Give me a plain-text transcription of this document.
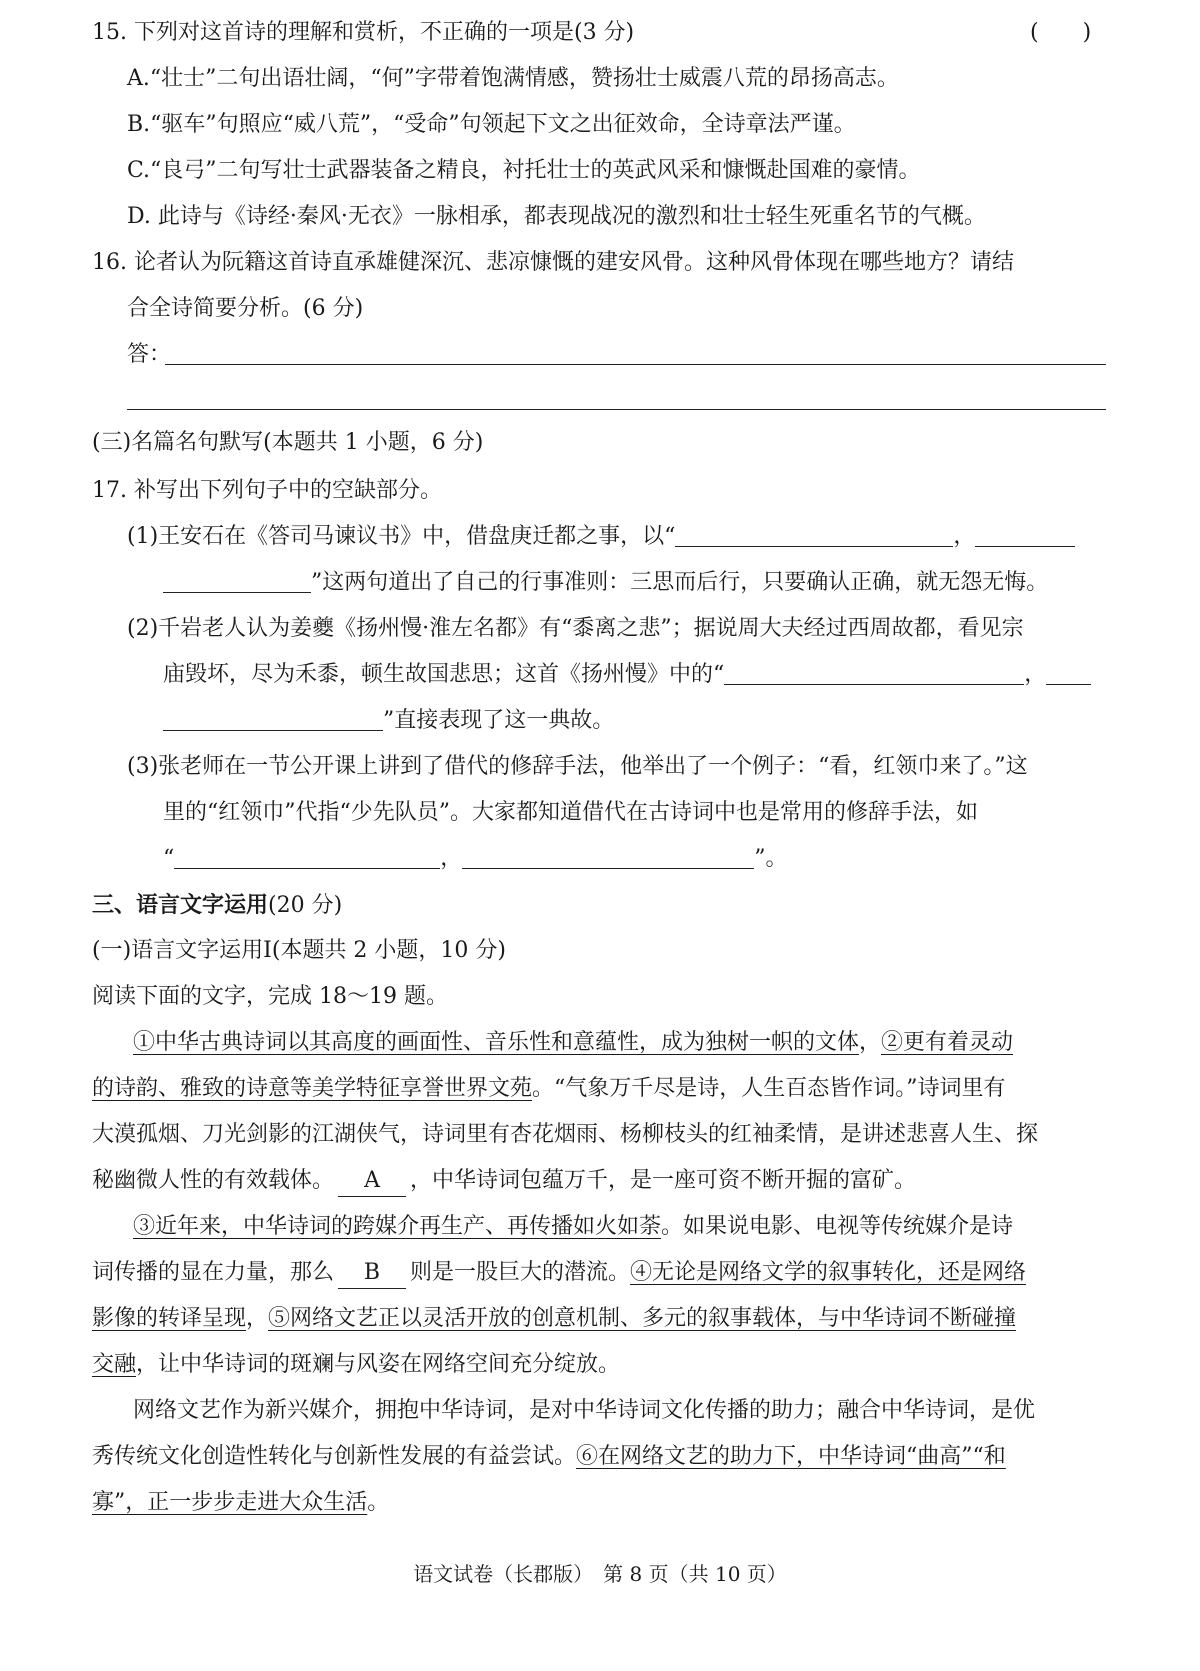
15. 下列对这首诗的理解和赏析，不正确的一项是(3 分)	(　　)
A.“壮士”二句出语壮阔，“何”字带着饱满情感，赞扬壮士威震八荒的昂扬高志。
B.“驱车”句照应“威八荒”，“受命”句领起下文之出征效命，全诗章法严谨。
C.“良弓”二句写壮士武器装备之精良，衬托壮士的英武风采和慷慨赴国难的豪情。
D. 此诗与《诗经·秦风·无衣》一脉相承，都表现战况的激烈和壮士轻生死重名节的气概。
16. 论者认为阮籍这首诗直承雄健深沉、悲凉慷慨的建安风骨。这种风骨体现在哪些地方？请结
合全诗简要分析。(6 分)
答：
(三)名篇名句默写(本题共 1 小题，6 分)
17. 补写出下列句子中的空缺部分。
(1)王安石在《答司马谏议书》中，借盘庚迁都之事，以“	，
”这两句道出了自己的行事准则：三思而后行，只要确认正确，就无怨无悔。
(2)千岩老人认为姜夔《扬州慢·淮左名都》有“黍离之悲”；据说周大夫经过西周故都，看见宗
庙毁坏，尽为禾黍，顿生故国悲思；这首《扬州慢》中的“	，
”直接表现了这一典故。
(3)张老师在一节公开课上讲到了借代的修辞手法，他举出了一个例子：“看，红领巾来了。”这
里的“红领巾”代指“少先队员”。大家都知道借代在古诗词中也是常用的修辞手法，如
“	，	”。
三、语言文字运用(20 分)
(一)语言文字运用Ⅰ(本题共 2 小题，10 分)
阅读下面的文字，完成 18～19 题。
①中华古典诗词以其高度的画面性、音乐性和意蕴性，成为独树一帜的文体，②更有着灵动
的诗韵、雅致的诗意等美学特征享誉世界文苑。“气象万千尽是诗，人生百态皆作词。”诗词里有
大漠孤烟、刀光剑影的江湖侠气，诗词里有杏花烟雨、杨柳枝头的红袖柔情，是讲述悲喜人生、探
秘幽微人性的有效载体。 A ，中华诗词包蕴万千，是一座可资不断开掘的富矿。
③近年来，中华诗词的跨媒介再生产、再传播如火如荼。如果说电影、电视等传统媒介是诗
词传播的显在力量，那么 B 则是一股巨大的潜流。④无论是网络文学的叙事转化，还是网络
影像的转译呈现，⑤网络文艺正以灵活开放的创意机制、多元的叙事载体，与中华诗词不断碰撞
交融，让中华诗词的斑斓与风姿在网络空间充分绽放。
网络文艺作为新兴媒介，拥抱中华诗词，是对中华诗词文化传播的助力；融合中华诗词，是优
秀传统文化创造性转化与创新性发展的有益尝试。⑥在网络文艺的助力下，中华诗词“曲高”“和
寡”，正一步步走进大众生活。
语文试卷（长郡版）　第 8 页（共 10 页）
